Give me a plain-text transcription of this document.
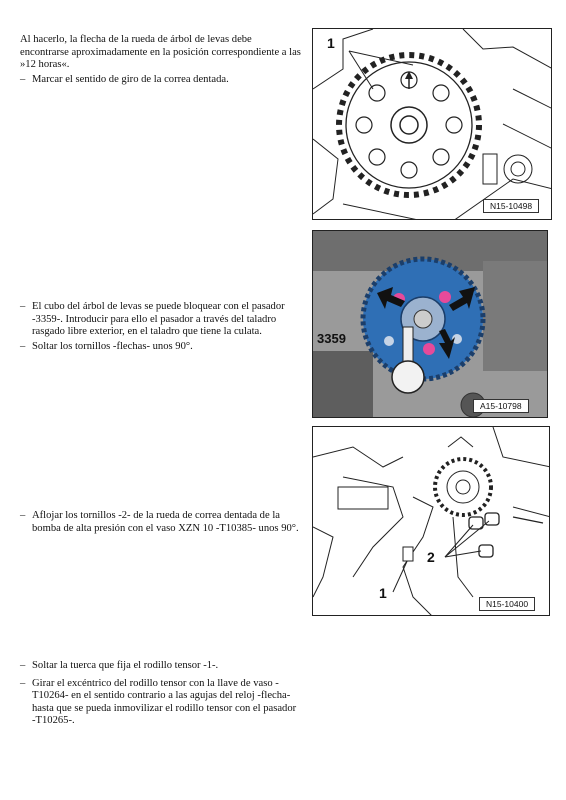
Al hacerlo, la flecha de la rueda de árbol de levas debe encontrarse aproximadamente en la posición correspondiente a las »12 horas«.

– Marcar el sentido de giro de la correa dentada.
1
N15-10498
– El cubo del árbol de levas se puede bloquear con el pasador -3359-. Introducir para ello el pasador a través del taladro rasgado libre exterior, en el taladro que tiene la culata.
– Soltar los tornillos -flechas- unos 90°.	3359
A15-10798
– Aflojar los tornillos -2- de la rueda de correa dentada de la bomba de alta presión con el vaso XZN 10 -T10385- unos 90°.
2
1
N15-10400
– Soltar la tuerca que fija el rodillo tensor -1-.
– Girar el excéntrico del rodillo tensor con la llave de vaso -T10264- en el sentido contrario a las agujas del reloj -flecha- hasta que se pueda inmovilizar el rodillo tensor con el pasador -T10265-.
